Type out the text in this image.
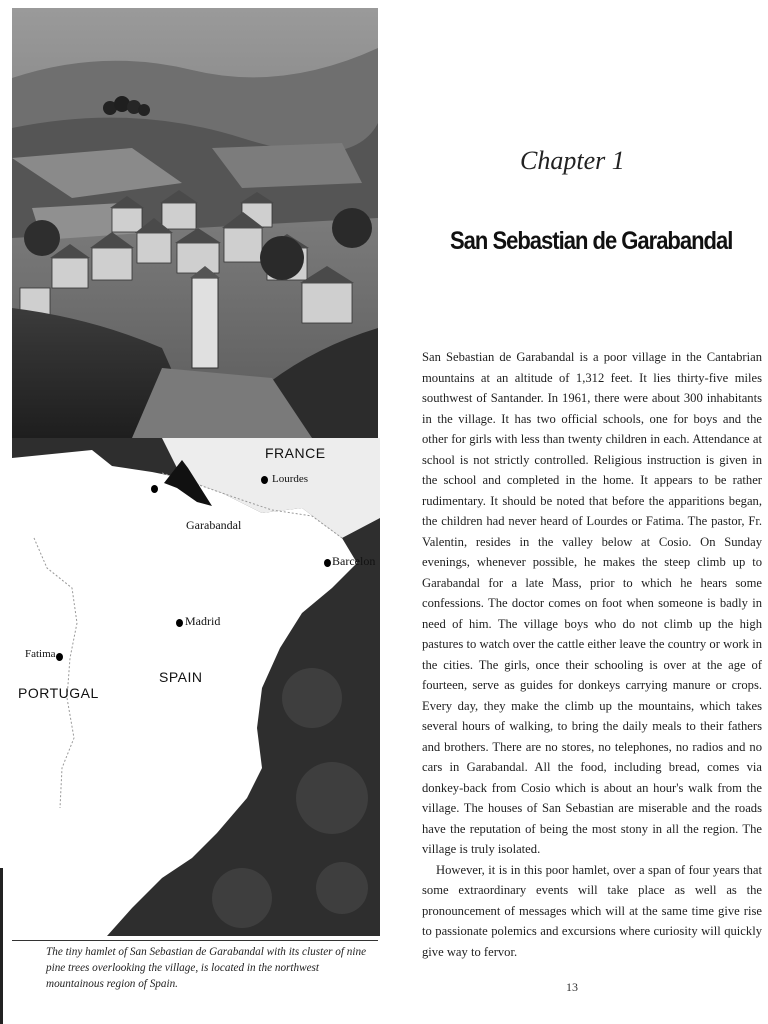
FRANCE
Lourdes
Garabandal
Barcelon
Madrid
Fatima
SPAIN
PORTUGAL
The tiny hamlet of San Sebastian de Garabandal with its cluster of nine pine trees overlooking the village, is located in the northwest mountainous region of Spain.
Chapter 1
San Sebastian de Garabandal

San Sebastian de Garabandal is a poor village in the Cantabrian mountains at an altitude of 1,312 feet. It lies thirty-five miles southwest of Santander. In 1961, there were about 300 inhabitants in the village. It has two official schools, one for boys and the other for girls with less than twenty children in each. Attendance at school is not strictly controlled. Religious instruction is given in the school and completed in the home. It appears to be rather rudimentary. It should be noted that before the apparitions began, the children had never heard of Lourdes or Fatima. The pastor, Fr. Valentin, resides in the valley below at Cosio. On Sunday evenings, whenever possible, he makes the steep climb up to Garabandal for a late Mass, prior to which he hears some confessions. The doctor comes on foot when someone is badly in need of him. The village boys who do not climb up the high pastures to watch over the cattle either leave the country or work in the cities. The girls, once their schooling is over at the age of fourteen, serve as guides for donkeys carrying manure or crops. Every day, they make the climb up the mountains, which takes several hours of walking, to bring the daily meals to their fathers and brothers. There are no stores, no telephones, no radios and no cars in Garabandal. All the food, including bread, comes via donkey-back from Cosio which is about an hour's walk from the village. The houses of San Sebastian are miserable and the roads have the reputation of being the most stony in all the region. The village is truly isolated.

However, it is in this poor hamlet, over a span of four years that some extraordinary events will take place as well as the pronouncement of messages which will at the same time give rise to passionate polemics and excursions where curiosity will quickly give way to fervor.

13
